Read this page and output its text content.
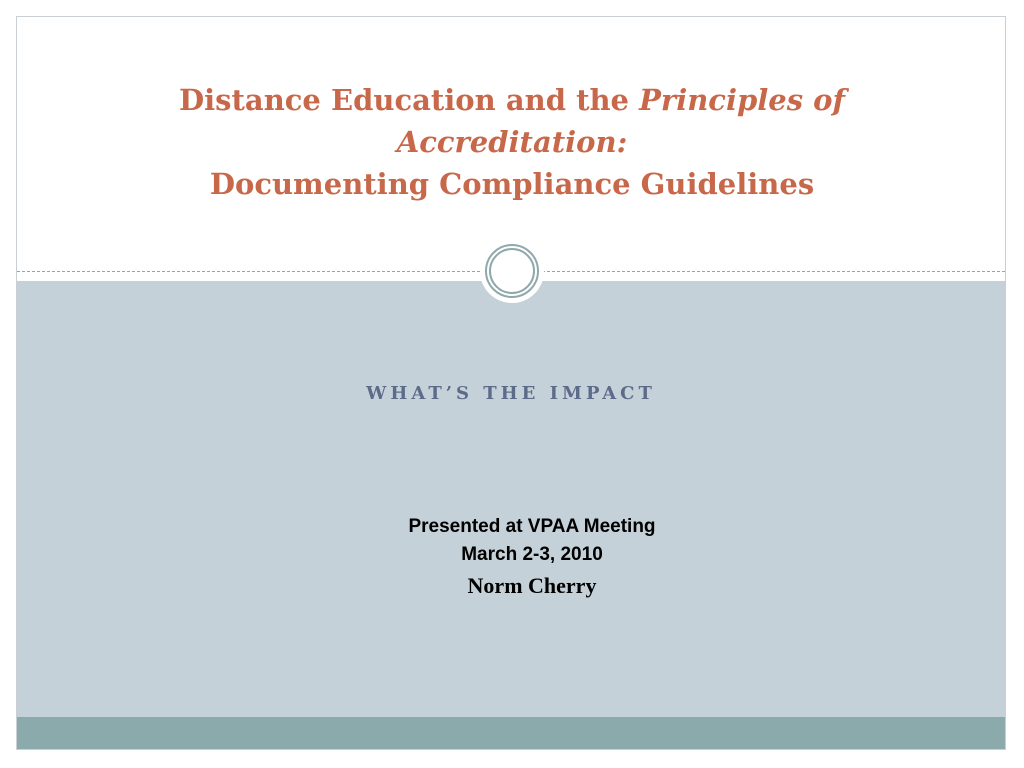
Distance Education and the Principles of Accreditation:
Documenting Compliance Guidelines
WHAT’S THE IMPACT
Presented at VPAA Meeting
March 2-3, 2010
Norm Cherry
